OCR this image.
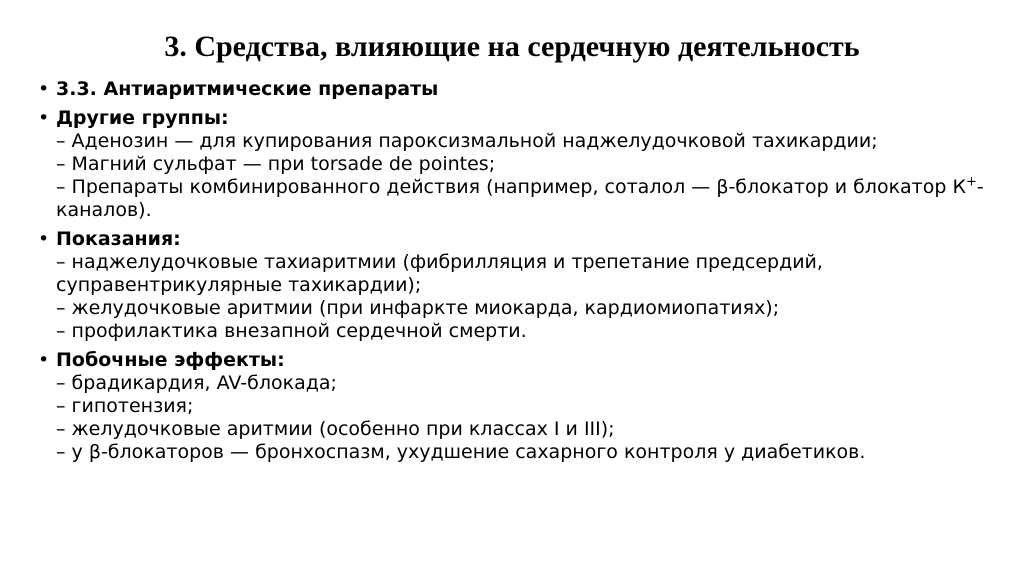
3. Средства, влияющие на сердечную деятельность
• 3.3. Антиаритмические препараты
• Другие группы:
– Аденозин — для купирования пароксизмальной наджелудочковой тахикардии;
– Магний сульфат — при torsade de pointes;
– Препараты комбинированного действия (например, соталол — β-блокатор и блокатор К+-каналов).
• Показания:
– наджелудочковые тахиаритмии (фибрилляция и трепетание предсердий, суправентрикулярные тахикардии);
– желудочковые аритмии (при инфаркте миокарда, кардиомиопатиях);
– профилактика внезапной сердечной смерти.
• Побочные эффекты:
– брадикардия, AV-блокада;
– гипотензия;
– желудочковые аритмии (особенно при классах I и III);
– у β-блокаторов — бронхоспазм, ухудшение сахарного контроля у диабетиков.
